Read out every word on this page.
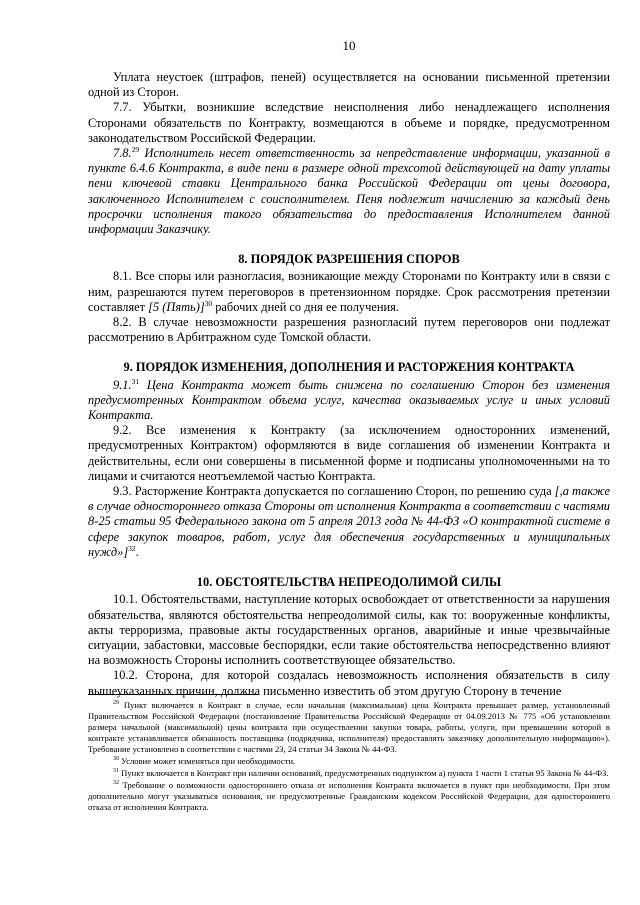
10

Уплата неустоек (штрафов, пеней) осуществляется на основании письменной претензии одной из Сторон.

7.7. Убытки, возникшие вследствие неисполнения либо ненадлежащего исполнения Сторонами обязательств по Контракту, возмещаются в объеме и порядке, предусмотренном законодательством Российской Федерации.

7.8.29 Исполнитель несет ответственность за непредставление информации, указанной в пункте 6.4.6 Контракта, в виде пени в размере одной трехсотой действующей на дату уплаты пени ключевой ставки Центрального банка Российской Федерации от цены договора, заключенного Исполнителем с соисполнителем. Пеня подлежит начислению за каждый день просрочки исполнения такого обязательства до предоставления Исполнителем данной информации Заказчику.

8. ПОРЯДОК РАЗРЕШЕНИЯ СПОРОВ

8.1. Все споры или разногласия, возникающие между Сторонами по Контракту или в связи с ним, разрешаются путем переговоров в претензионном порядке. Срок рассмотрения претензии составляет [5 (Пять)]$^{30}$ рабочих дней со дня ее получения.

8.2. В случае невозможности разрешения разногласий путем переговоров они подлежат рассмотрению в Арбитражном суде Томской области.

9. ПОРЯДОК ИЗМЕНЕНИЯ, ДОПОЛНЕНИЯ И РАСТОРЖЕНИЯ КОНТРАКТА

9.1.31 Цена Контракта может быть снижена по соглашению Сторон без изменения предусмотренных Контрактом объема услуг, качества оказываемых услуг и иных условий Контракта.

9.2. Все изменения к Контракту (за исключением односторонних изменений, предусмотренных Контрактом) оформляются в виде соглашения об изменении Контракта и действительны, если они совершены в письменной форме и подписаны уполномоченными на то лицами и считаются неотъемлемой частью Контракта.

9.3. Расторжение Контракта допускается по соглашению Сторон, по решению суда [,а также в случае одностороннего отказа Стороны от исполнения Контракта в соответствии с частями 8-25 статьи 95 Федерального закона от 5 апреля 2013 года № 44-ФЗ «О контрактной системе в сфере закупок товаров, работ, услуг для обеспечения государственных и муниципальных нужд»]$^{32}$.

10. ОБСТОЯТЕЛЬСТВА НЕПРЕОДОЛИМОЙ СИЛЫ

10.1. Обстоятельствами, наступление которых освобождает от ответственности за нарушения обязательства, являются обстоятельства непреодолимой силы, как то: вооруженные конфликты, акты терроризма, правовые акты государственных органов, аварийные и иные чрезвычайные ситуации, забастовки, массовые беспорядки, если такие обстоятельства непосредственно влияют на возможность Стороны исполнить соответствующее обязательство.

10.2. Сторона, для которой создалась невозможность исполнения обязательств в силу вышеуказанных причин, должна письменно известить об этом другую Сторону в течение

$^{29}$ Пункт включается в Контракт в случае, если начальная (максимальная) цена Контракта превышает размер, установленный Правительством Российской Федерации (постановление Правительства Российской Федерации от 04.09.2013 № 775 «Об установлении размера начальной (максимальной) цены контракта при осуществлении закупки товара, работы, услуги, при превышении которой в контракте устанавливается обязанность поставщика (подрядчика, исполнителя) предоставлять заказчику дополнительную информацию»). Требование установлено в соответствии с частями 23, 24 статьи 34 Закона № 44-ФЗ.

$^{30}$ Условие может изменяться при необходимости.

$^{31}$ Пункт включается в Контракт при наличии оснований, предусмотренных подпунктом а) пункта 1 части 1 статьи 95 Закона № 44-ФЗ.

$^{32}$ Требование о возможности одностороннего отказа от исполнения Контракта включается в пункт при необходимости. При этом дополнительно могут указываться основания, не предусмотренные Гражданским кодексом Российской Федерации, для одностороннего отказа от исполнения Контракта.
